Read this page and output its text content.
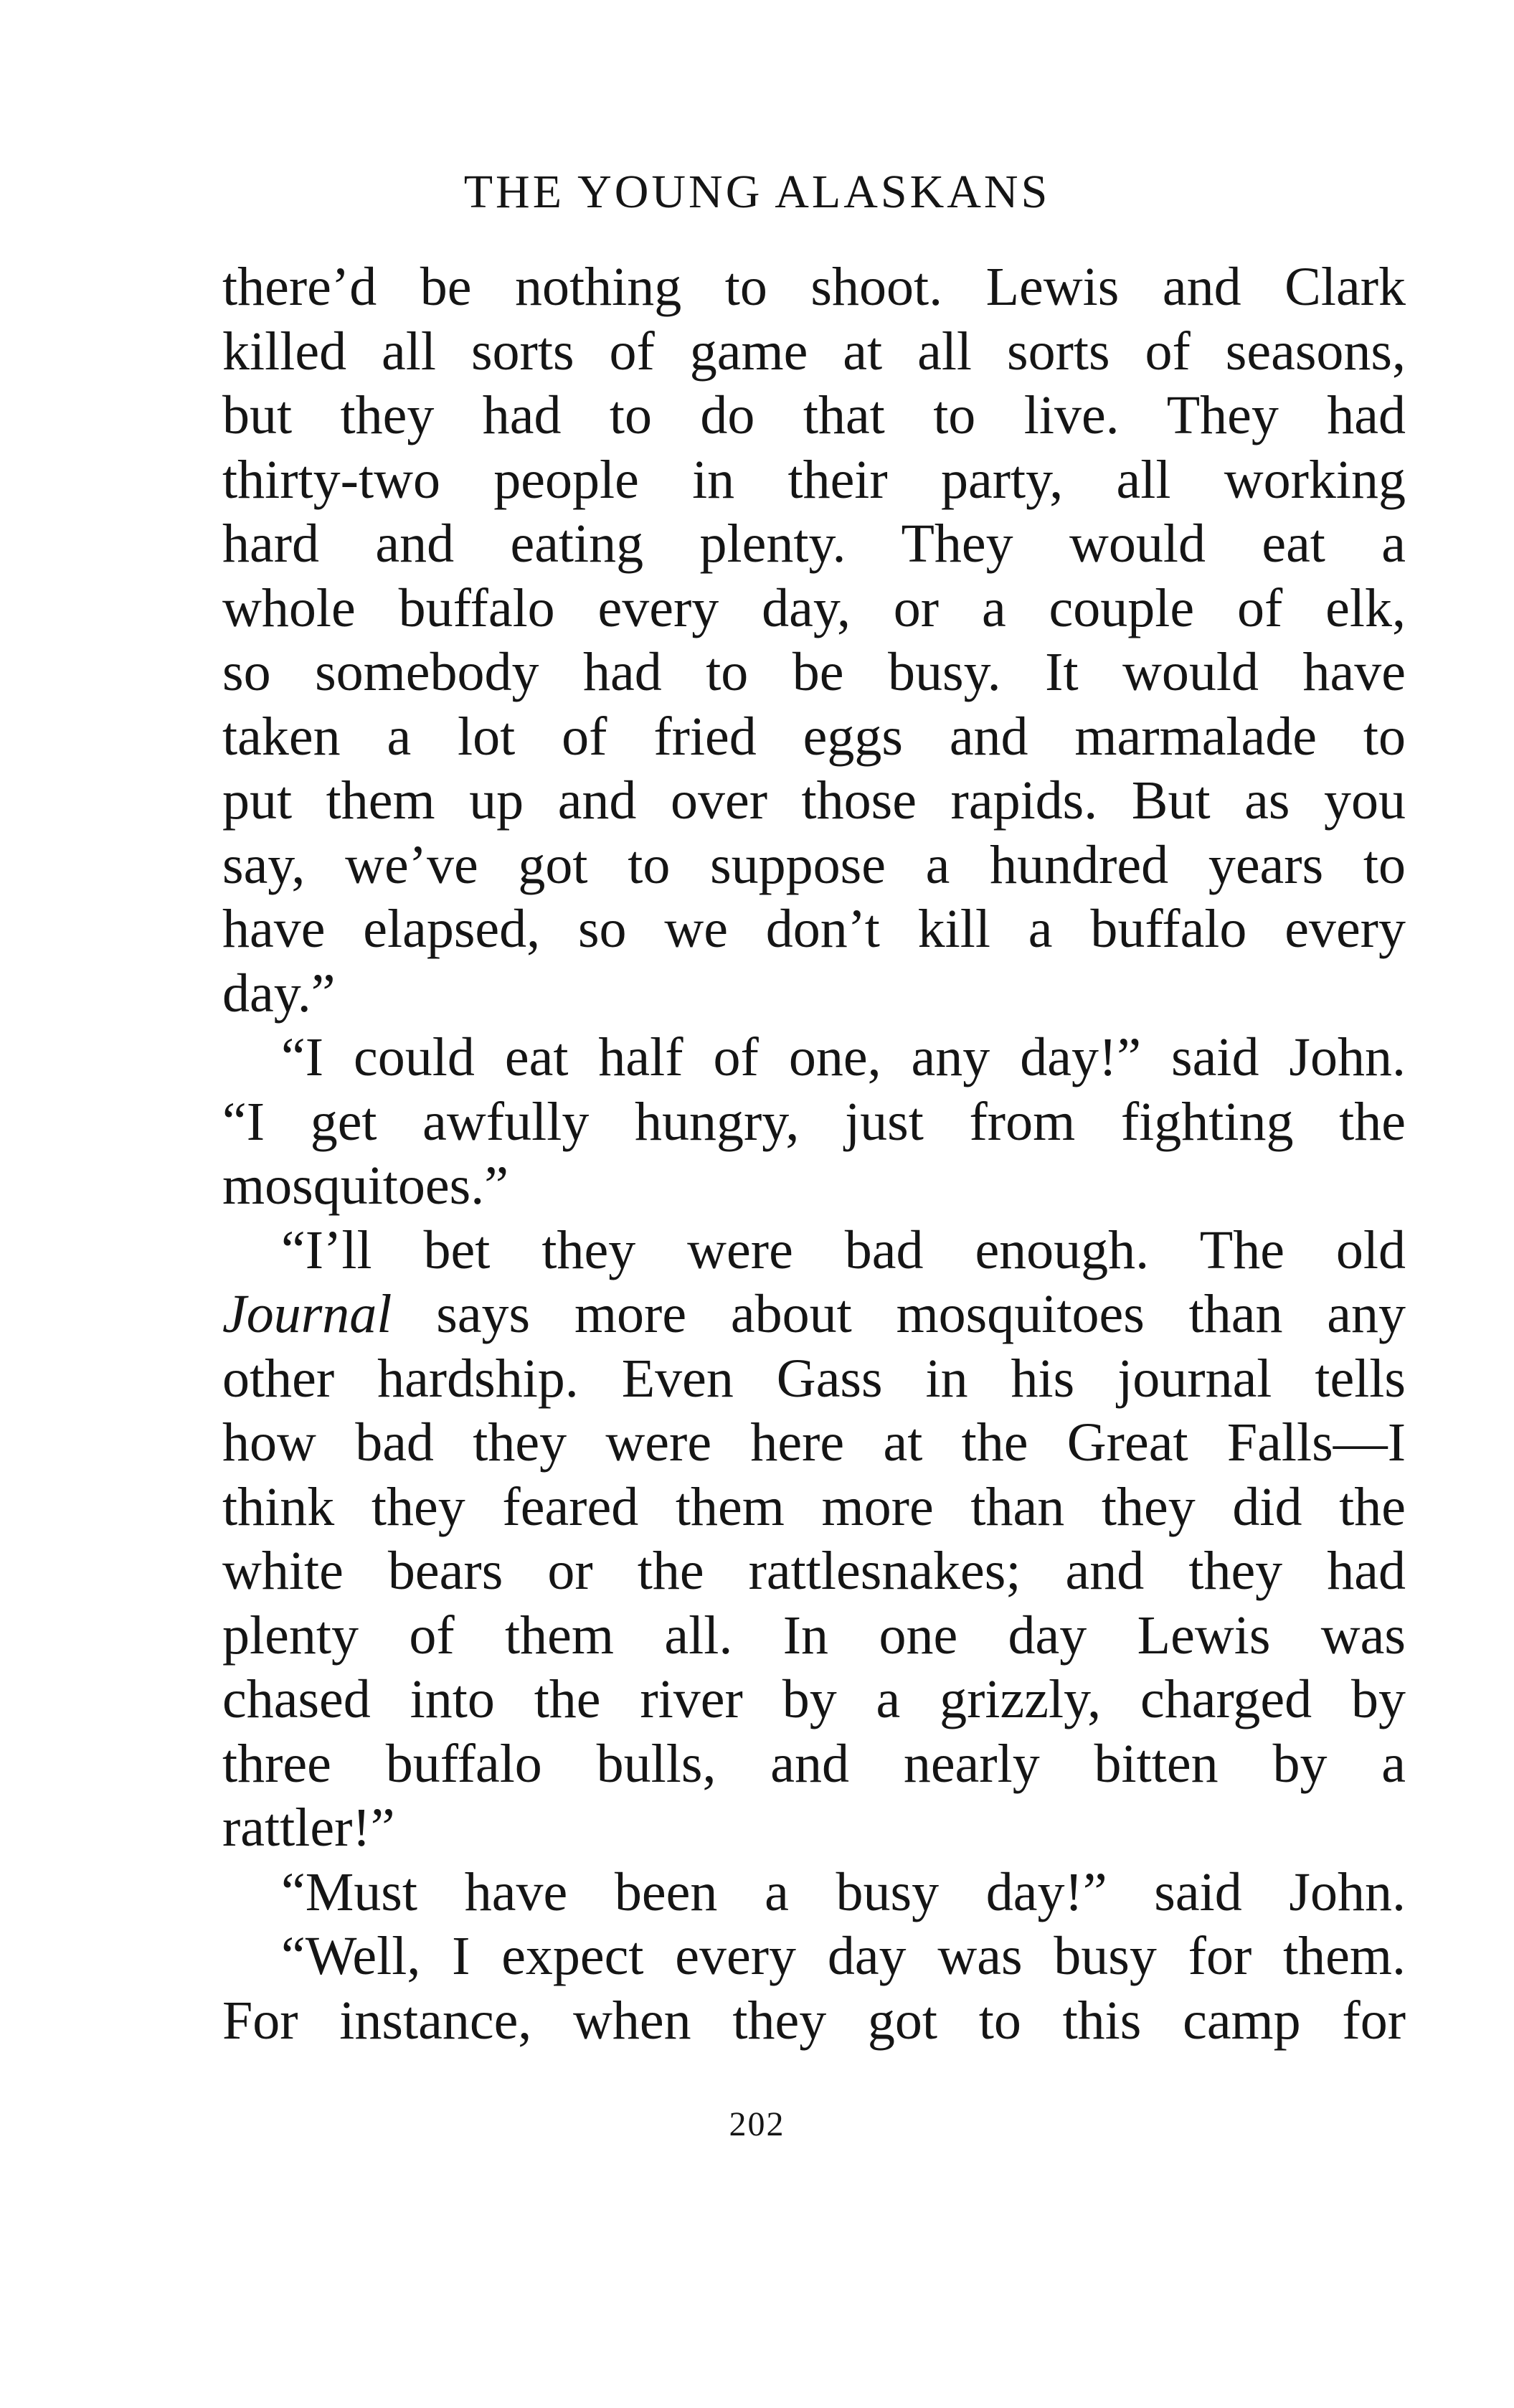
THE YOUNG ALASKANS
there’d be nothing to shoot. Lewis and Clark
killed all sorts of game at all sorts of seasons,
but they had to do that to live. They had
thirty-two people in their party, all working
hard and eating plenty. They would eat a
whole buffalo every day, or a couple of elk,
so somebody had to be busy. It would have
taken a lot of fried eggs and marmalade to
put them up and over those rapids. But as you
say, we’ve got to suppose a hundred years to
have elapsed, so we don’t kill a buffalo every
day.”
“I could eat half of one, any day!” said John.
“I get awfully hungry, just from fighting the
mosquitoes.”
“I’ll bet they were bad enough. The old
Journal says more about mosquitoes than any
other hardship. Even Gass in his journal tells
how bad they were here at the Great Falls—I
think they feared them more than they did the
white bears or the rattlesnakes; and they had
plenty of them all. In one day Lewis was
chased into the river by a grizzly, charged by
three buffalo bulls, and nearly bitten by a
rattler!”
“Must have been a busy day!” said John.
“Well, I expect every day was busy for them.
For instance, when they got to this camp for
202
